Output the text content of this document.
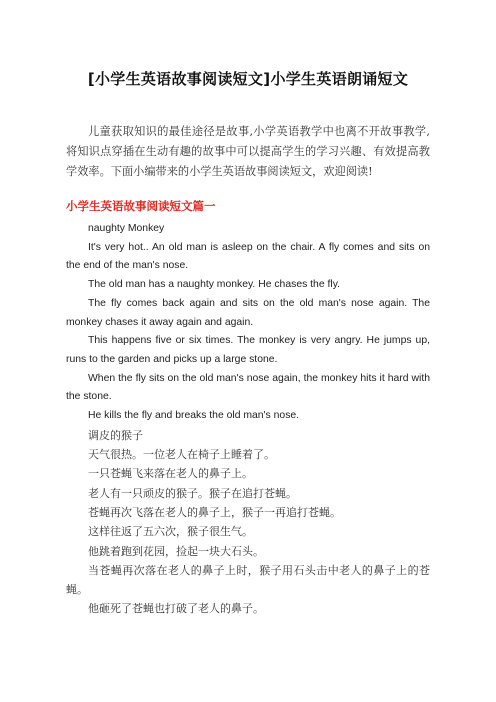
[小学生英语故事阅读短文]小学生英语朗诵短文
儿童获取知识的最佳途径是故事,小学英语教学中也离不开故事教学,将知识点穿插在生动有趣的故事中可以提高学生的学习兴趣、有效提高教学效率。下面小编带来的小学生英语故事阅读短文，欢迎阅读!
小学生英语故事阅读短文篇一

naughty Monkey

It's very hot.. An old man is asleep on the chair. A fly comes and sits on the end of the man's nose.

The old man has a naughty monkey. He chases the fly.

The fly comes back again and sits on the old man's nose again. The monkey chases it away again and again.

This happens five or six times. The monkey is very angry. He jumps up, runs to the garden and picks up a large stone.

When the fly sits on the old man's nose again, the monkey hits it hard with the stone.

He kills the fly and breaks the old man's nose.

调皮的猴子

天气很热。一位老人在椅子上睡着了。

一只苍蝇飞来落在老人的鼻子上。

老人有一只顽皮的猴子。猴子在追打苍蝇。

苍蝇再次飞落在老人的鼻子上，猴子一再追打苍蝇。

这样往返了五六次，猴子很生气。

他跳着跑到花园，捡起一块大石头。

当苍蝇再次落在老人的鼻子上时，猴子用石头击中老人的鼻子上的苍蝇。

他砸死了苍蝇也打破了老人的鼻子。
